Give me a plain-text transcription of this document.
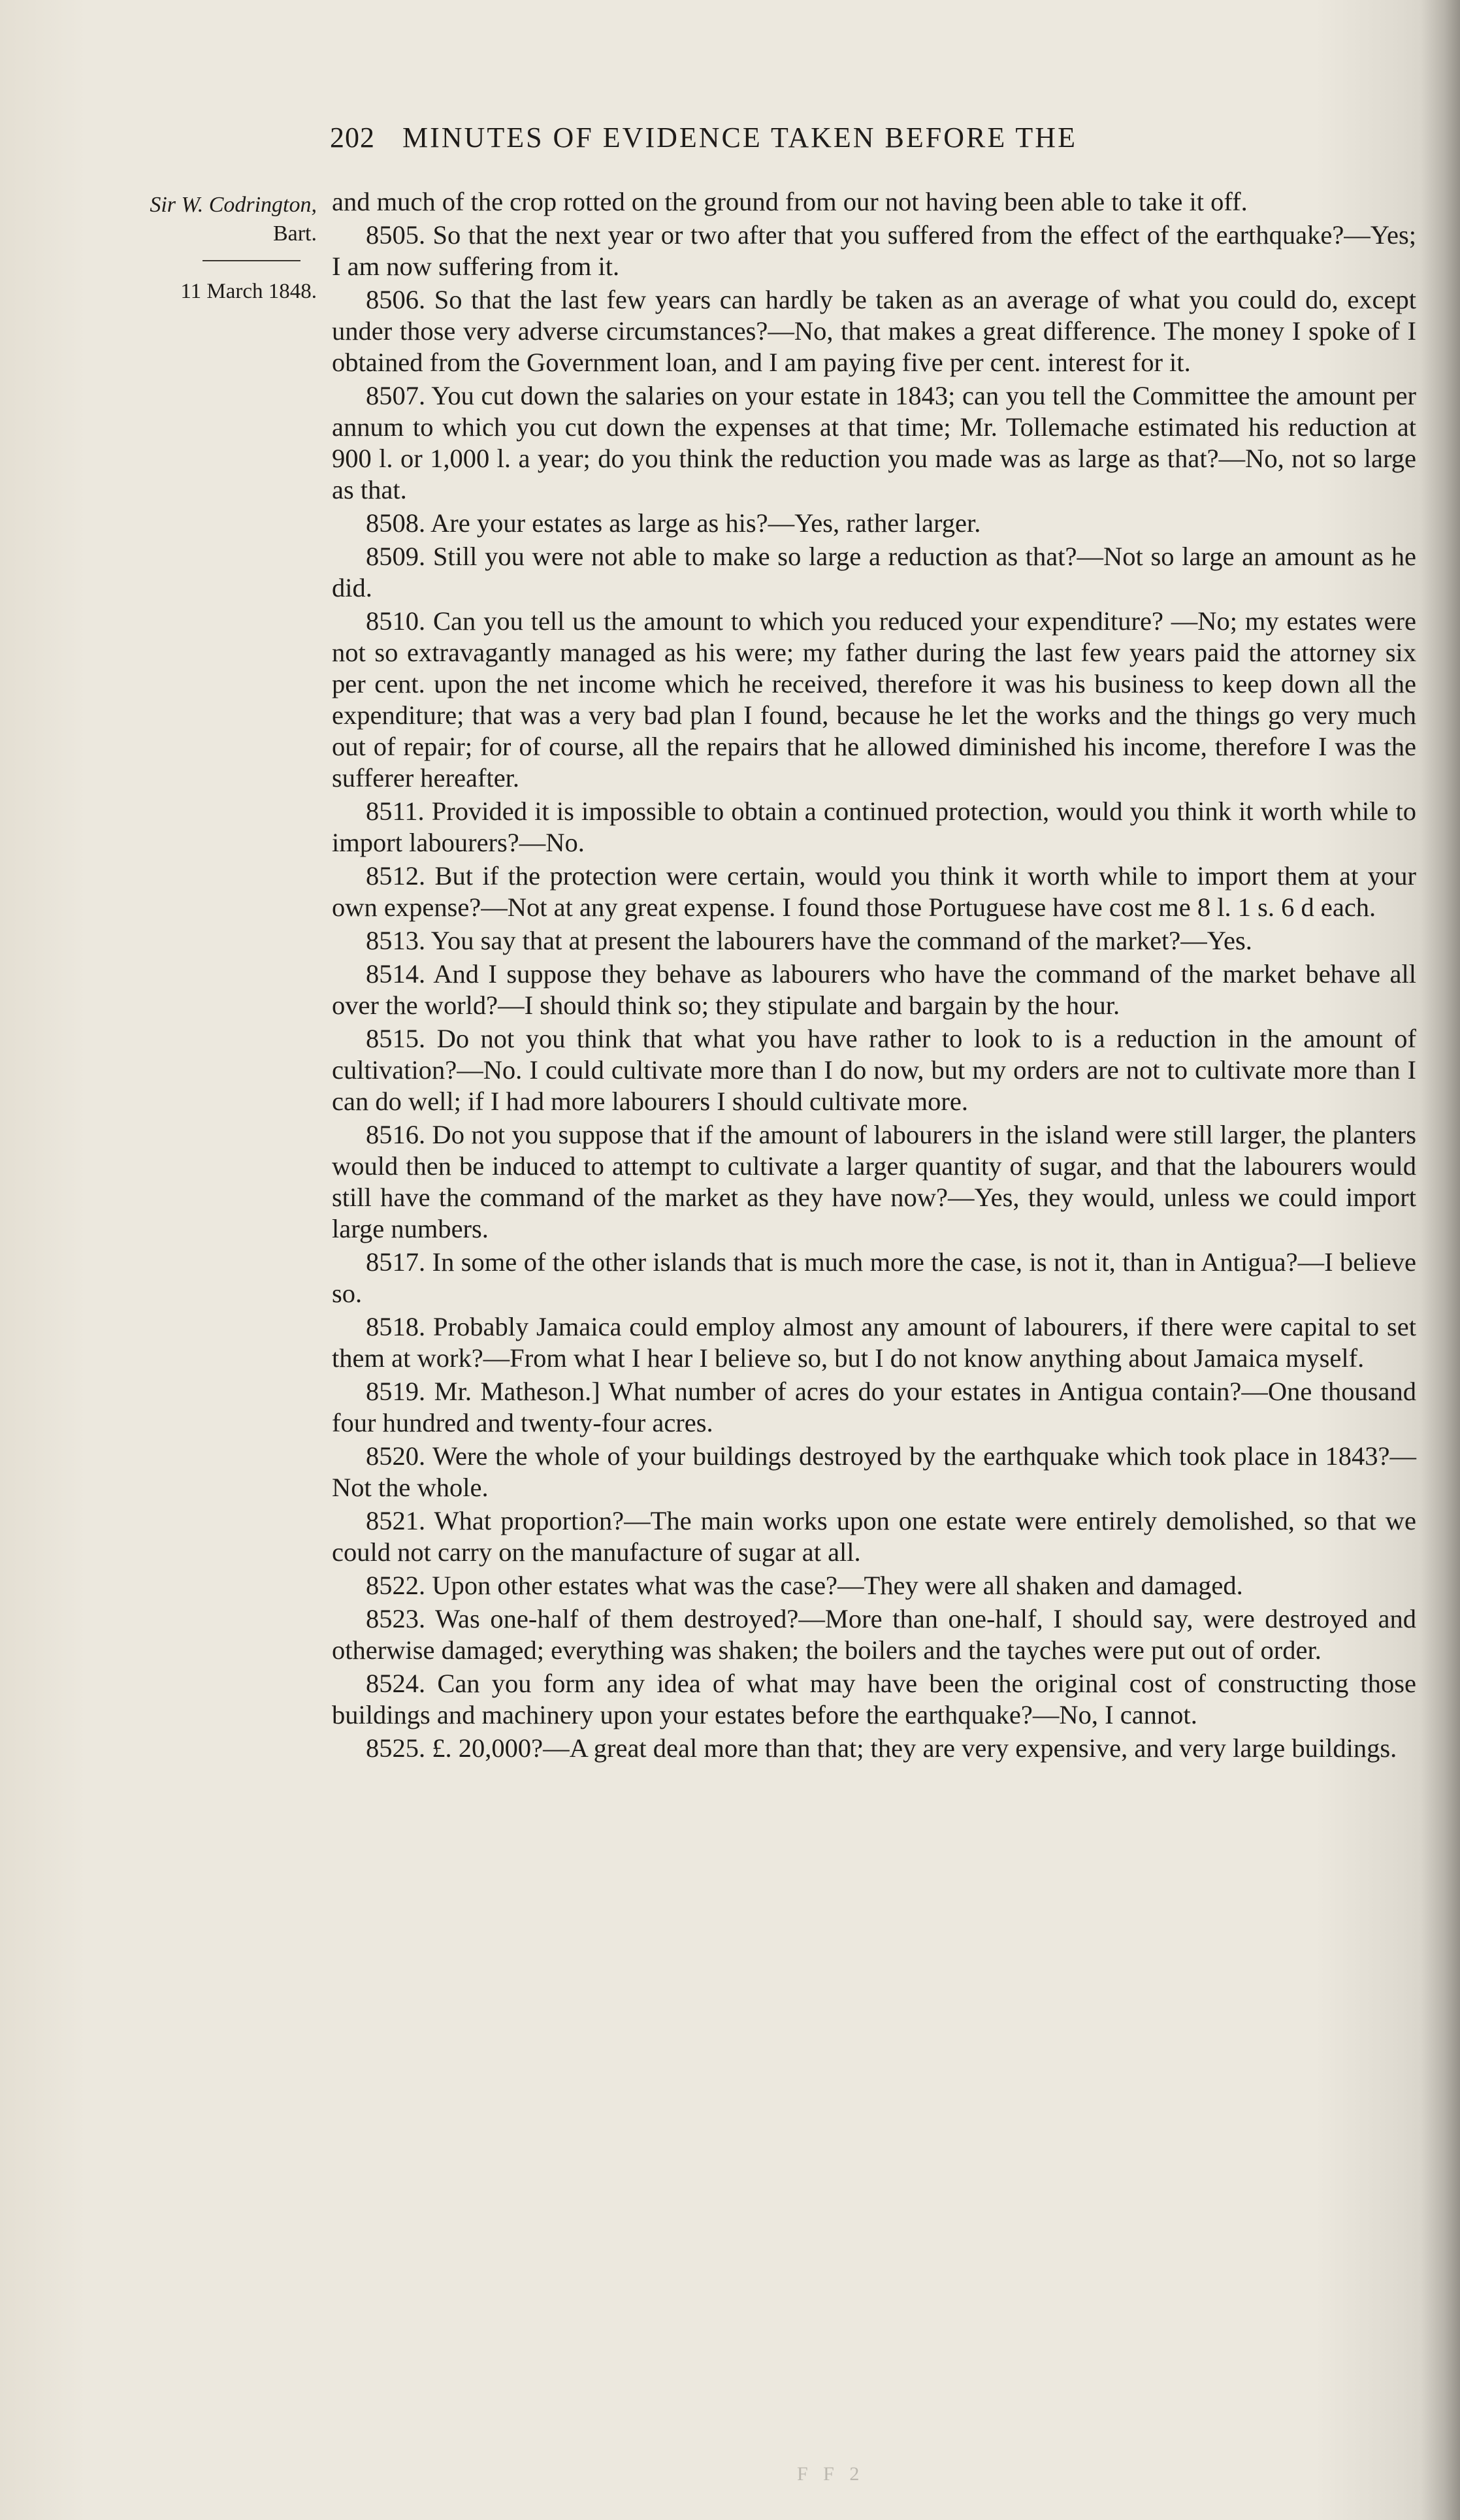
202 MINUTES OF EVIDENCE TAKEN BEFORE THE
Sir W. Codrington,
Bart.
11 March 1848.

and much of the crop rotted on the ground from our not having been able to take it off.

8505. So that the next year or two after that you suffered from the effect of the earthquake?—Yes; I am now suffering from it.

8506. So that the last few years can hardly be taken as an average of what you could do, except under those very adverse circumstances?—No, that makes a great difference. The money I spoke of I obtained from the Government loan, and I am paying five per cent. interest for it.

8507. You cut down the salaries on your estate in 1843; can you tell the Committee the amount per annum to which you cut down the expenses at that time; Mr. Tollemache estimated his reduction at 900 l. or 1,000 l. a year; do you think the reduction you made was as large as that?—No, not so large as that.

8508. Are your estates as large as his?—Yes, rather larger.

8509. Still you were not able to make so large a reduction as that?—Not so large an amount as he did.

8510. Can you tell us the amount to which you reduced your expenditure? —No; my estates were not so extravagantly managed as his were; my father during the last few years paid the attorney six per cent. upon the net income which he received, therefore it was his business to keep down all the expenditure; that was a very bad plan I found, because he let the works and the things go very much out of repair; for of course, all the repairs that he allowed diminished his income, therefore I was the sufferer hereafter.

8511. Provided it is impossible to obtain a continued protection, would you think it worth while to import labourers?—No.

8512. But if the protection were certain, would you think it worth while to import them at your own expense?—Not at any great expense. I found those Portuguese have cost me 8 l. 1 s. 6 d each.

8513. You say that at present the labourers have the command of the market?—Yes.

8514. And I suppose they behave as labourers who have the command of the market behave all over the world?—I should think so; they stipulate and bargain by the hour.

8515. Do not you think that what you have rather to look to is a reduction in the amount of cultivation?—No. I could cultivate more than I do now, but my orders are not to cultivate more than I can do well; if I had more labourers I should cultivate more.

8516. Do not you suppose that if the amount of labourers in the island were still larger, the planters would then be induced to attempt to cultivate a larger quantity of sugar, and that the labourers would still have the command of the market as they have now?—Yes, they would, unless we could import large numbers.

8517. In some of the other islands that is much more the case, is not it, than in Antigua?—I believe so.

8518. Probably Jamaica could employ almost any amount of labourers, if there were capital to set them at work?—From what I hear I believe so, but I do not know anything about Jamaica myself.

8519. Mr. Matheson.] What number of acres do your estates in Antigua contain?—One thousand four hundred and twenty-four acres.

8520. Were the whole of your buildings destroyed by the earthquake which took place in 1843?—Not the whole.

8521. What proportion?—The main works upon one estate were entirely demolished, so that we could not carry on the manufacture of sugar at all.

8522. Upon other estates what was the case?—They were all shaken and damaged.

8523. Was one-half of them destroyed?—More than one-half, I should say, were destroyed and otherwise damaged; everything was shaken; the boilers and the tayches were put out of order.

8524. Can you form any idea of what may have been the original cost of constructing those buildings and machinery upon your estates before the earthquake?—No, I cannot.

8525. £. 20,000?—A great deal more than that; they are very expensive, and very large buildings.

F F 2
